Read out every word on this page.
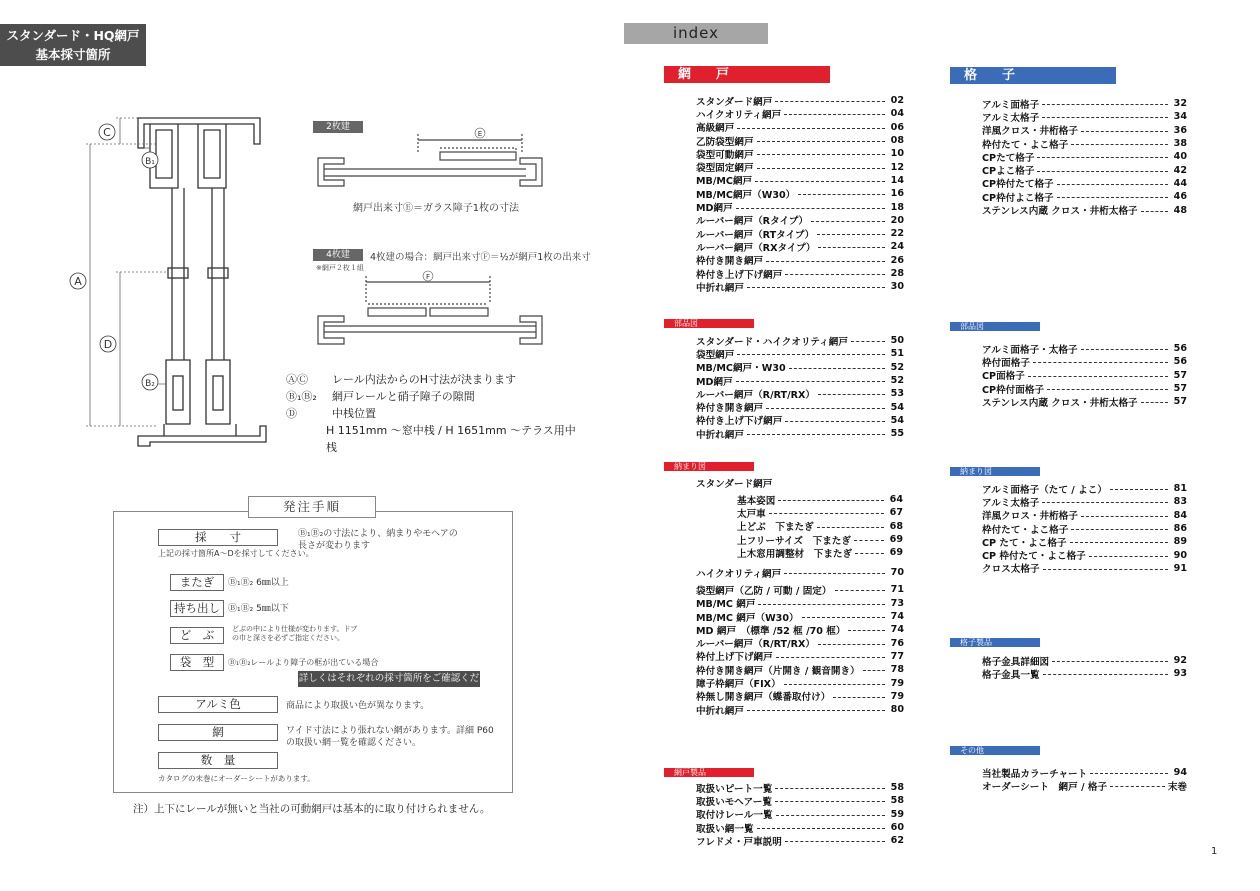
スタンダード・HQ網戸
基本採寸箇所
C
B₁
A
D
B₂
2枚建
E
網戸出来寸Ⓔ＝ガラス障子1枚の寸法
4枚建	4枚建の場合：網戸出来寸Ⓕ＝½が網戸1枚の出来寸
※網戸２枚１組
F
ⒶⒸ レール内法からのH寸法が決まります
Ⓑ₁Ⓑ₂ 網戸レールと硝子障子の隙間
Ⓓ	中桟位置
H 1151mm 〜窓中桟 / H 1651mm 〜テラス用中桟
発注手順
採　　寸	Ⓑ₁Ⓑ₂の寸法により、納まりやモヘアの長さが変わります
上記の採寸箇所A〜Dを採寸してください。
またぎ	Ⓑ₁Ⓑ₂ 6㎜以上
持ち出し Ⓑ₁Ⓑ₂ 5㎜以下
ど　ぶ	どぶの中により仕様が変わります。ドブの巾と深さを必ずご指定ください。
袋　型	Ⓑ₁Ⓑ₂レールより障子の框が出ている場合
詳しくはそれぞれの採寸箇所をご確認ください
アルミ色	商品により取扱い色が異なります。
網	ワイド寸法により張れない網があります。詳細 P60 の取扱い網一覧を確認ください。
数　量
カタログの末巻にオーダーシートがあります。
注）上下にレールが無いと当社の可動網戸は基本的に取り付けられません。
index
網　戸
スタンダード網戸	02
ハイクオリティ網戸	04
高級網戸	06
乙防袋型網戸	08
袋型可動網戸	10
袋型固定網戸	12
MB/MC網戸	14
MB/MC網戸（W30）	16
MD網戸	18
ルーバー網戸（Rタイプ）	20
ルーバー網戸（RTタイプ）	22
ルーバー網戸（RXタイプ）	24
枠付き開き網戸	26
枠付き上げ下げ網戸	28
中折れ網戸	30
部品図
スタンダード・ハイクオリティ網戸	50
袋型網戸	51
MB/MC網戸・W30	52
MD網戸	52
ルーバー網戸（R/RT/RX）	53
枠付き開き網戸	54
枠付き上げ下げ網戸	54
中折れ網戸	55
納まり図
スタンダード網戸
基本姿図	64
太戸車	67
上どぶ　下またぎ	68
上フリーサイズ　下またぎ	69
上木窓用調整材　下またぎ	69
ハイクオリティ網戸	70
袋型網戸（乙防 / 可動 / 固定）	71
MB/MC 網戸	73
MB/MC 網戸（W30）	74
MD 網戸　（標準 /52 框 /70 框）	74
ルーバー網戸（R/RT/RX）	76
枠付上げ下げ網戸	77
枠付き開き網戸（片開き / 観音開き）	78
障子枠網戸（FIX）	79
枠無し開き網戸（蝶番取付け）	79
中折れ網戸	80
網戸製品
取扱いピート一覧	58
取扱いモヘアー覧	58
取付けレール一覧	59
取扱い網一覧	60
フレドメ・戸車説明	62
格　子
アルミ面格子	32
アルミ太格子	34
洋風クロス・井桁格子	36
枠付たて・よこ格子	38
CPたて格子	40
CPよこ格子	42
CP枠付たて格子	44
CP枠付よこ格子	46
ステンレス内蔵 クロス・井桁太格子	48
部品図
アルミ面格子・太格子	56
枠付面格子	56
CP面格子	57
CP枠付面格子	57
ステンレス内蔵 クロス・井桁太格子	57
納まり図
アルミ面格子（たて / よこ）	81
アルミ太格子	83
洋風クロス・井桁格子	84
枠付たて・よこ格子	86
CP たて・よこ格子	89
CP 枠付たて・よこ格子	90
クロス太格子	91
格子製品
格子金具詳細図	92
格子金具一覧	93
その他
当社製品カラーチャート	94
オーダーシート　網戸 / 格子	末巻
1
